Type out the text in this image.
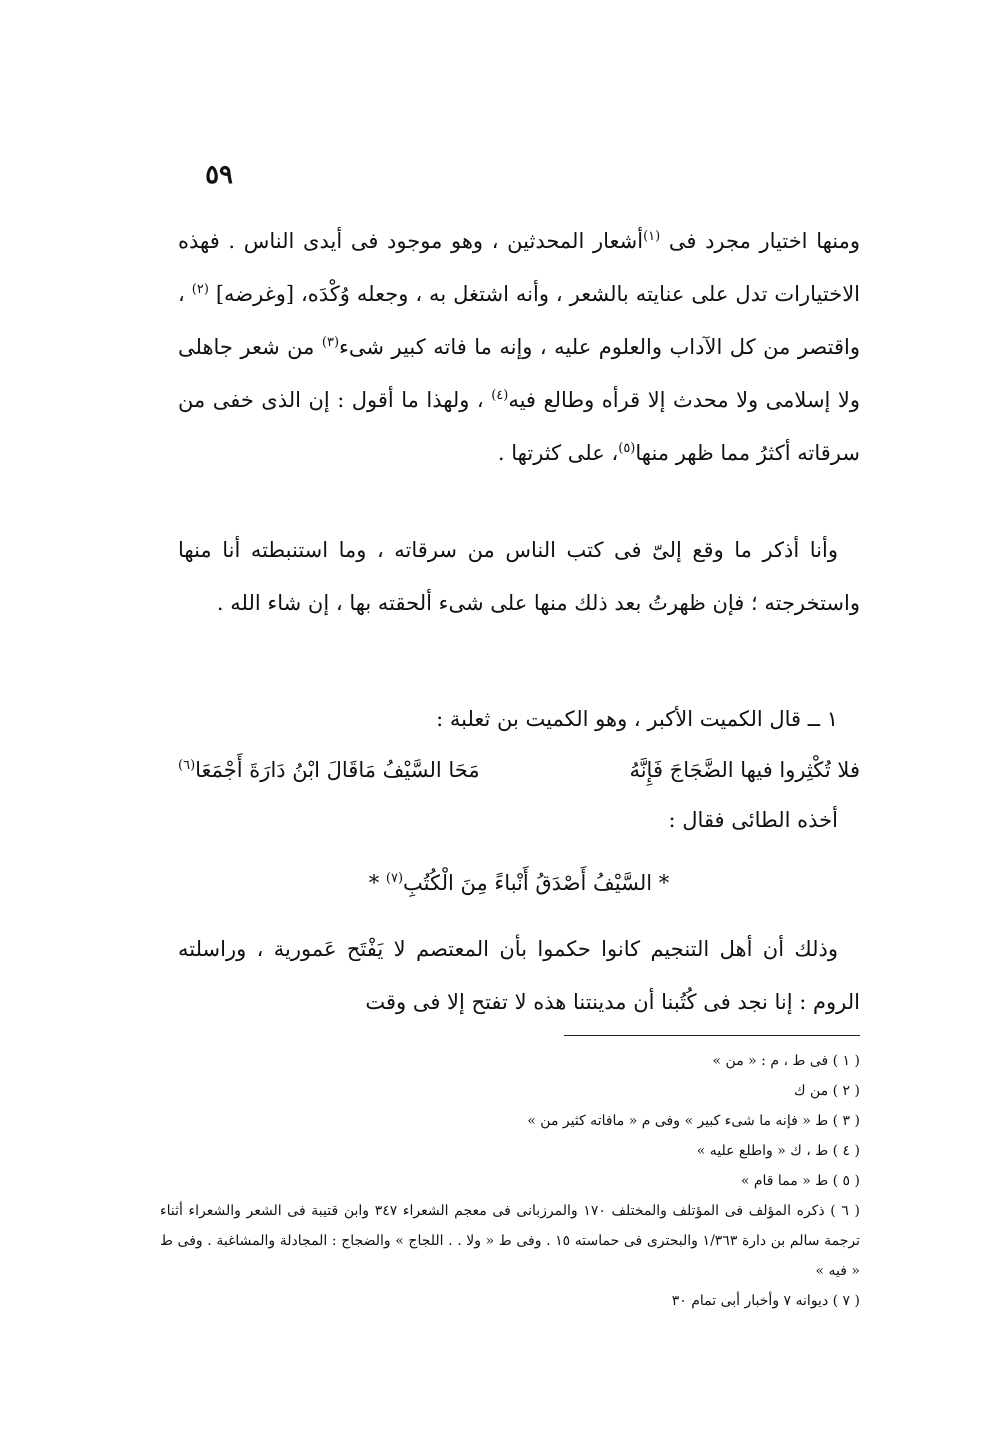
٥٩

ومنها اختيار مجرد فى $^{(١)}$أشعار المحدثين ، وهو موجود فى أيدى الناس . فهذه الاختيارات تدل على عنايته بالشعر ، وأنه اشتغل به ، وجعله وُكْدَه، [وغرضه] $^{(٢)}$ ، واقتصر من كل الآداب والعلوم عليه ، وإنه ما فاته كبير شىء$^{(٣)}$ من شعر جاهلى ولا إسلامى ولا محدث إلا قرأه وطالع فيه$^{(٤)}$ ، ولهذا ما أقول : إن الذى خفى من سرقاته أكثرُ مما ظهر منها$^{(٥)}$، على كثرتها .

وأنا أذكر ما وقع إلىّ فى كتب الناس من سرقاته ، وما استنبطته أنا منها واستخرجته ؛ فإن ظهرتُ بعد ذلك منها على شىء ألحقته بها ، إن شاء الله .

١ ــ قال الكميت الأكبر ، وهو الكميت بن ثعلبة :

فلا تُكْثِروا فيها الضَّجَاجَ فَإِنَّهُ
مَحَا السَّيْفُ مَاقَالَ ابْنُ دَارَةَ أَجْمَعَا$^{(٦)}$

أخذه الطائى فقال :

* السَّيْفُ أَصْدَقُ أَنْباءً مِنَ الْكُتُبِ$^{(٧)}$ *

وذلك أن أهل التنجيم كانوا حكموا بأن المعتصم لا يَفْتَح عَمورية ، وراسلته الروم : إنا نجد فى كُتُبنا أن مدينتنا هذه لا تفتح إلا فى وقت

( ١ ) فى ط ، م : « من »

( ٢ ) من ك

( ٣ ) ط « فإنه ما شىء كبير » وفى م « مافاته كثير من »

( ٤ ) ط ، ك « واطلع عليه »

( ٥ ) ط « مما قام »

( ٦ ) ذكره المؤلف فى المؤتلف والمختلف ١٧٠ والمرزبانى فى معجم الشعراء ٣٤٧ وابن قتيبة فى الشعر والشعراء أثناء ترجمة سالم بن دارة ١/٣٦٣ والبحترى فى حماسته ١٥ . وفى ط « ولا . . اللجاج » والضجاج : المجادلة والمشاغبة . وفى ط « فيه »

( ٧ ) ديوانه ٧ وأخبار أبى تمام ٣٠
